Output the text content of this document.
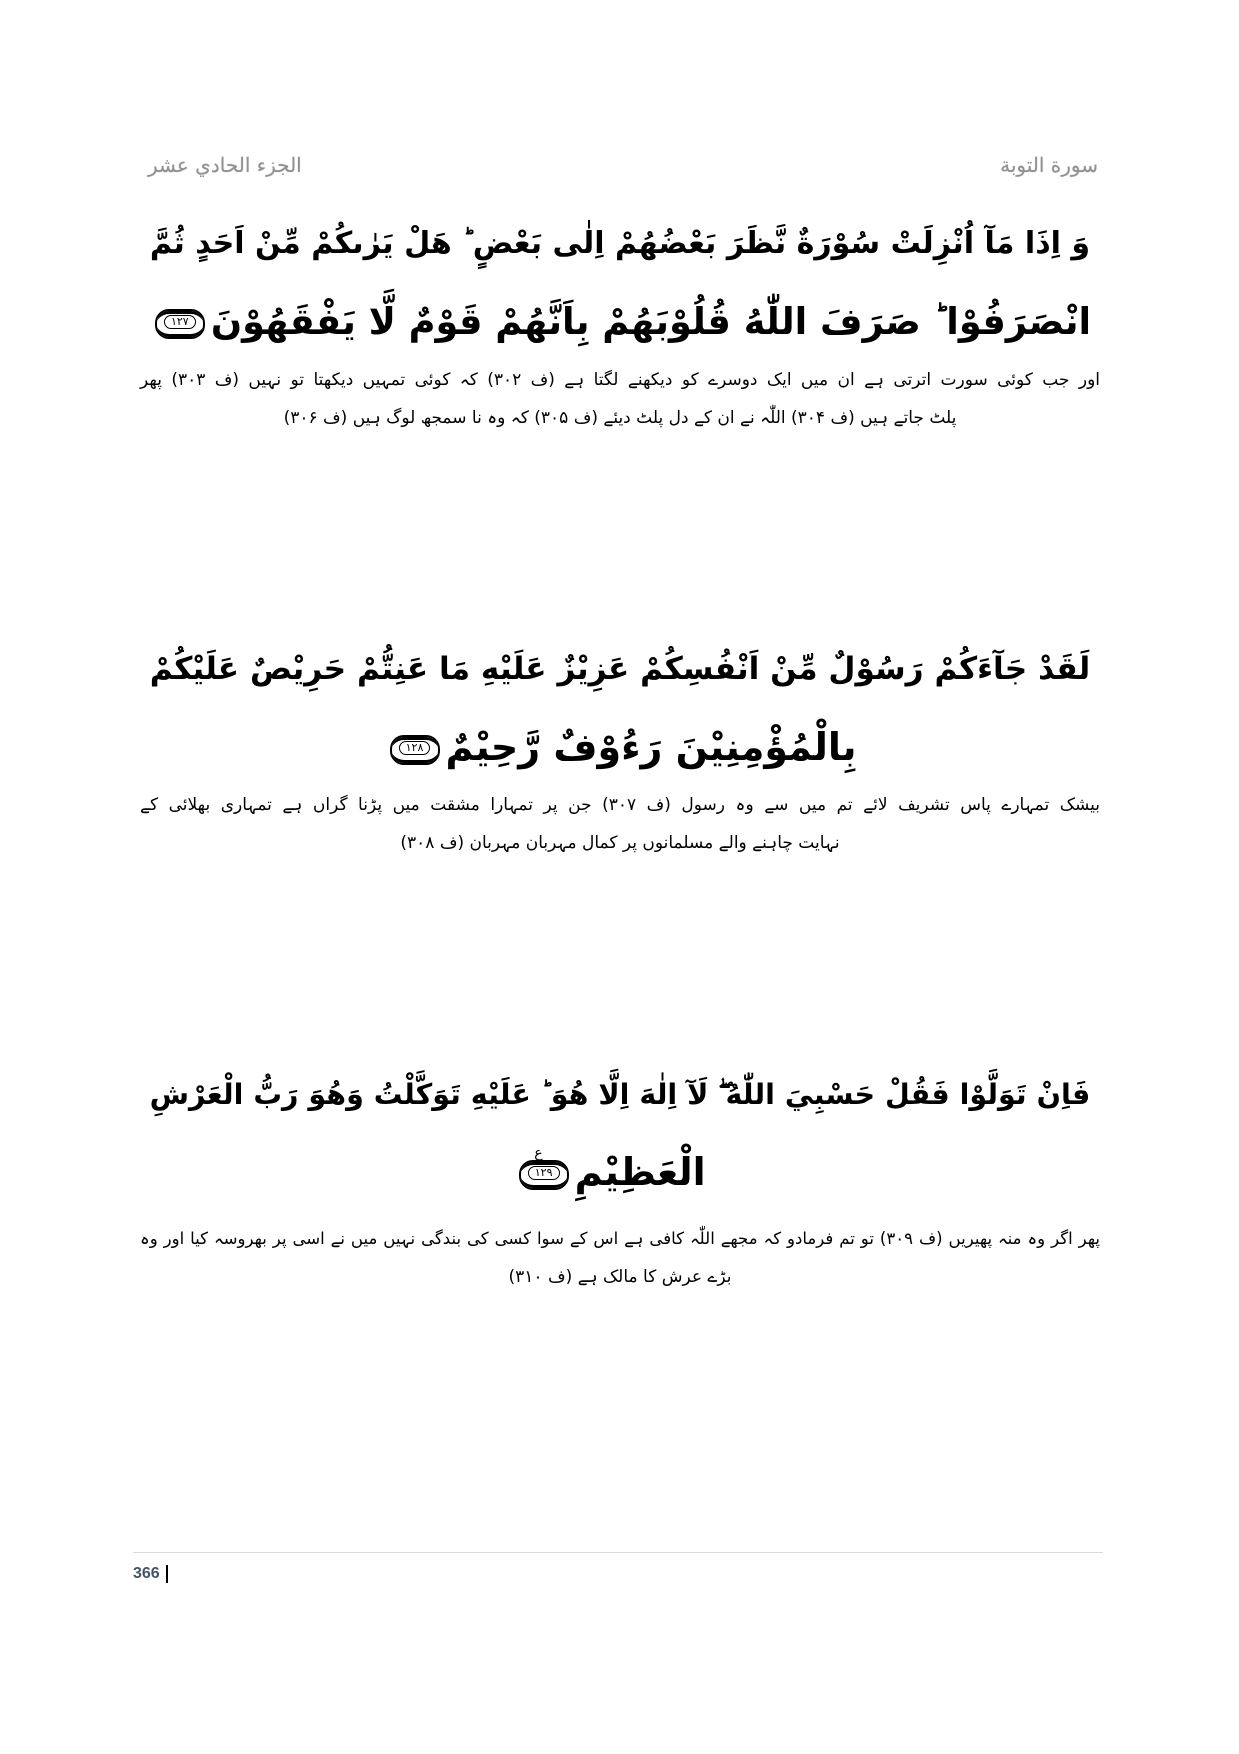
الجزء الحادي عشر	سورة التوبة
وَ اِذَا مَآ اُنْزِلَتْ سُوْرَةٌ نَّظَرَ بَعْضُهُمْ اِلٰى بَعْضٍ ؕ هَلْ يَرٰىكُمْ مِّنْ اَحَدٍ ثُمَّ
انْصَرَفُوْا ؕ صَرَفَ اللّٰهُ قُلُوْبَهُمْ بِاَنَّهُمْ قَوْمٌ لَّا يَفْقَهُوْنَ١٢٧
اور جب کوئی سورت اترتی ہے ان میں ایک دوسرے کو دیکھنے لگتا ہے (ف ۳۰۲) کہ کوئی تمہیں دیکھتا تو نہیں (ف ۳۰۳) پھر
پلٹ جاتے ہیں (ف ۳۰۴) اللّٰہ نے ان کے دل پلٹ دیئے (ف ۳۰۵) کہ وہ نا سمجھ لوگ ہیں (ف ۳۰۶)
لَقَدْ جَآءَكُمْ رَسُوْلٌ مِّنْ اَنْفُسِكُمْ عَزِيْزٌ عَلَيْهِ مَا عَنِتُّمْ حَرِيْصٌ عَلَيْكُمْ
بِالْمُؤْمِنِيْنَ رَءُوْفٌ رَّحِيْمٌ١٢٨
بیشک تمہارے پاس تشریف لائے تم میں سے وہ رسول (ف ۳۰۷) جن پر تمہارا مشقت میں پڑنا گراں ہے تمہاری بھلائی کے
نہایت چاہنے والے مسلمانوں پر کمال مہربان مہربان (ف ۳۰۸)
فَاِنْ تَوَلَّوْا فَقُلْ حَسْبِيَ اللّٰهُ ۖؗ لَآ اِلٰهَ اِلَّا هُوَ ؕ عَلَيْهِ تَوَكَّلْتُ وَهُوَ رَبُّ الْعَرْشِ
الْعَظِيْمِ١٢٩ع
پھر اگر وہ منہ پھیریں (ف ۳۰۹) تو تم فرمادو کہ مجھے اللّٰہ کافی ہے اس کے سوا کسی کی بندگی نہیں میں نے اسی پر بھروسہ کیا اور وہ
بڑے عرش کا مالک ہے (ف ۳۱۰)
366
